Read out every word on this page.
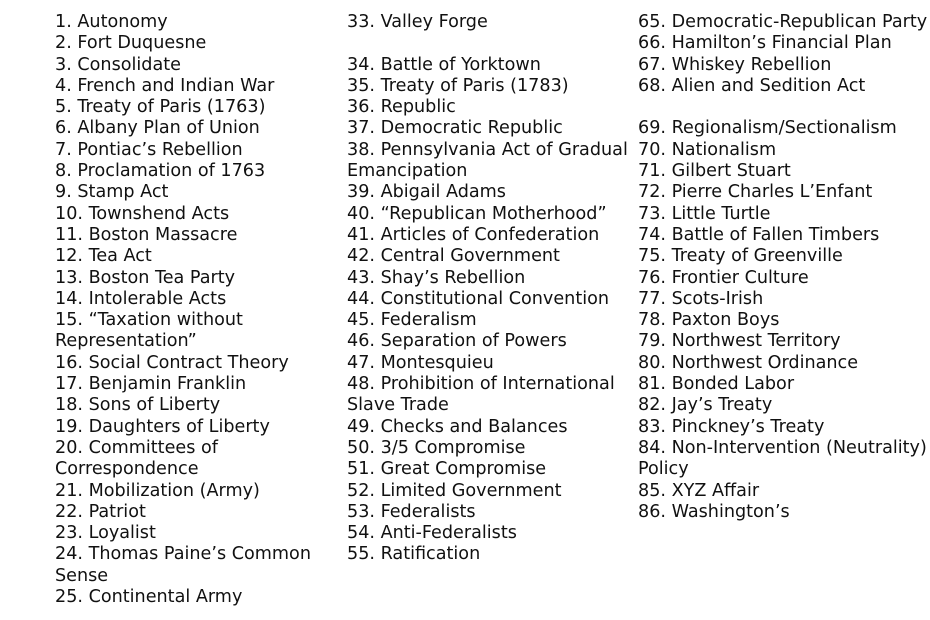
1. Autonomy
2. Fort Duquesne
3. Consolidate
4. French and Indian War
5. Treaty of Paris (1763)
6. Albany Plan of Union
7. Pontiac’s Rebellion
8. Proclamation of 1763
9. Stamp Act
10. Townshend Acts
11. Boston Massacre
12. Tea Act
13. Boston Tea Party
14. Intolerable Acts
15. “Taxation without Representation”
16. Social Contract Theory
17. Benjamin Franklin
18. Sons of Liberty
19. Daughters of Liberty
20. Committees of Correspondence
21. Mobilization (Army)
22. Patriot
23. Loyalist
24. Thomas Paine’s Common Sense
25. Continental Army
33. Valley Forge
34. Battle of Yorktown
35. Treaty of Paris (1783)
36. Republic
37. Democratic Republic
38. Pennsylvania Act of Gradual Emancipation
39. Abigail Adams
40. “Republican Motherhood”
41. Articles of Confederation
42. Central Government
43. Shay’s Rebellion
44. Constitutional Convention
45. Federalism
46. Separation of Powers
47. Montesquieu
48. Prohibition of International Slave Trade
49. Checks and Balances
50. 3/5 Compromise
51. Great Compromise
52. Limited Government
53. Federalists
54. Anti-Federalists
55. Ratification
65. Democratic-Republican Party
66. Hamilton’s Financial Plan
67. Whiskey Rebellion
68. Alien and Sedition Act
69. Regionalism/Sectionalism
70. Nationalism
71. Gilbert Stuart
72. Pierre Charles L’Enfant
73. Little Turtle
74. Battle of Fallen Timbers
75. Treaty of Greenville
76. Frontier Culture
77. Scots-Irish
78. Paxton Boys
79. Northwest Territory
80. Northwest Ordinance
81. Bonded Labor
82. Jay’s Treaty
83. Pinckney’s Treaty
84. Non-Intervention (Neutrality) Policy
85. XYZ Affair
86. Washington’s
